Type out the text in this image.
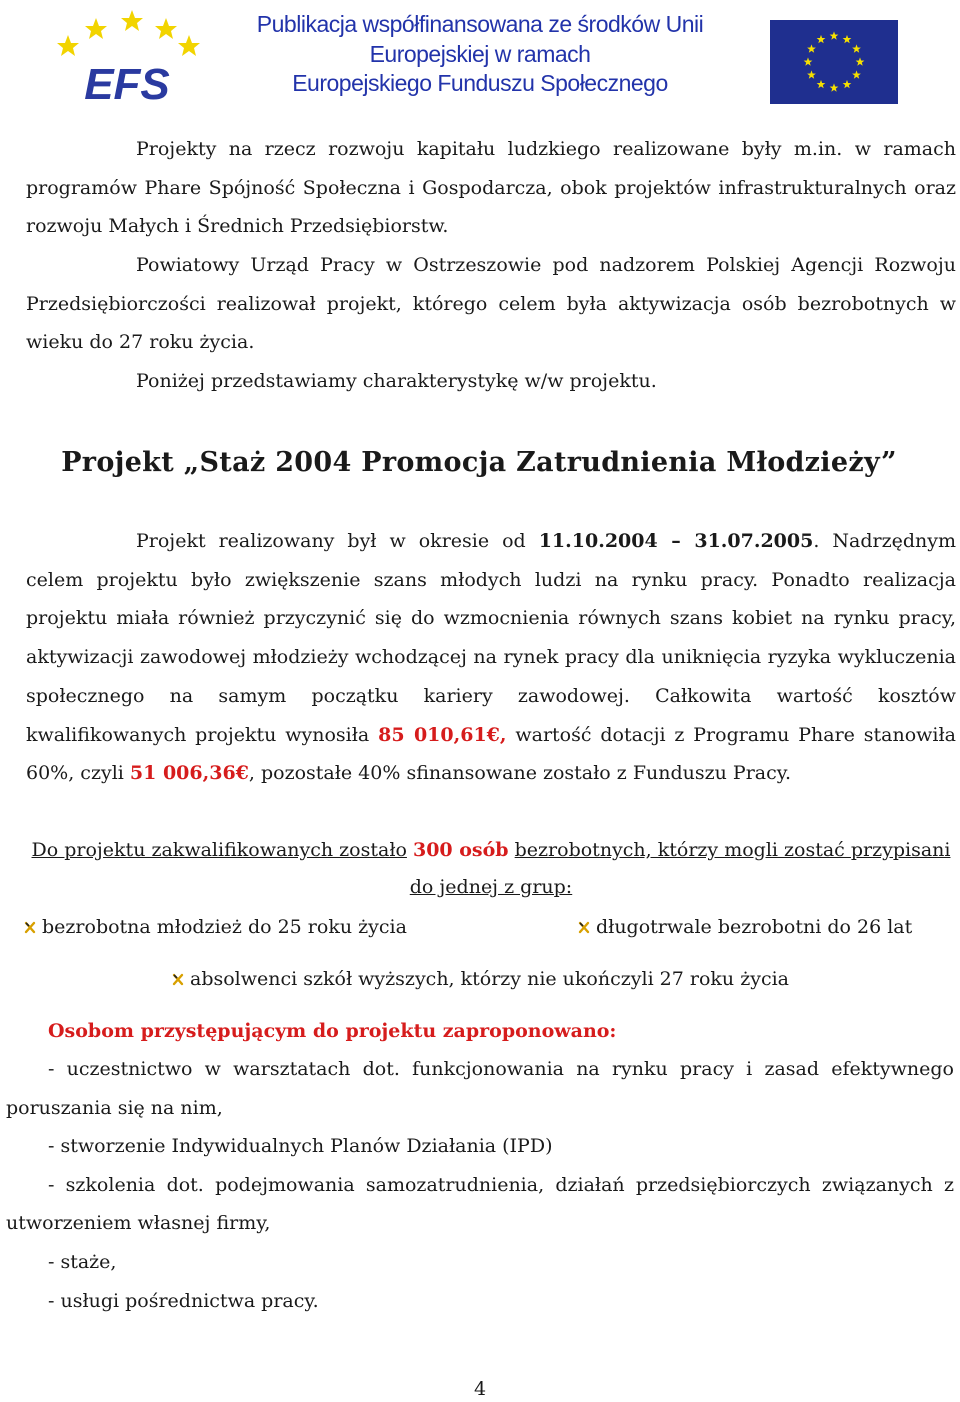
EFS
Publikacja współfinansowana ze środków Unii
Europejskiej w ramach
Europejskiego Funduszu Społecznego

Projekty na rzecz rozwoju kapitału ludzkiego realizowane były m.in. w ramach programów Phare Spójność Społeczna i Gospodarcza, obok projektów infrastrukturalnych oraz rozwoju Małych i Średnich Przedsiębiorstw.

Powiatowy Urząd Pracy w Ostrzeszowie pod nadzorem Polskiej Agencji Rozwoju Przedsiębiorczości realizował projekt, którego celem była aktywizacja osób bezrobotnych w wieku do 27 roku życia.

Poniżej przedstawiamy charakterystykę w/w projektu.

Projekt „Staż 2004 Promocja Zatrudnienia Młodzieży”

Projekt realizowany był w okresie od 11.10.2004 – 31.07.2005. Nadrzędnym celem projektu było zwiększenie szans młodych ludzi na rynku pracy. Ponadto realizacja projektu miała również przyczynić się do wzmocnienia równych szans kobiet na rynku pracy, aktywizacji zawodowej młodzieży wchodzącej na rynek pracy dla uniknięcia ryzyka wykluczenia społecznego na samym początku kariery zawodowej. Całkowita wartość kosztów kwalifikowanych projektu wynosiła 85 010,61€, wartość dotacji z Programu Phare stanowiła 60%, czyli 51 006,36€, pozostałe 40% sfinansowane zostało z Funduszu Pracy.

Do projektu zakwalifikowanych zostało 300 osób bezrobotnych, którzy mogli zostać przypisani do jednej z grup:

bezrobotna młodzież do 25 roku życia	długotrwale bezrobotni do 26 lat
absolwenci szkół wyższych, którzy nie ukończyli 27 roku życia

Osobom przystępującym do projektu zaproponowano:

- uczestnictwo w warsztatach dot. funkcjonowania na rynku pracy i zasad efektywnego poruszania się na nim,
- stworzenie Indywidualnych Planów Działania (IPD)
- szkolenia dot. podejmowania samozatrudnienia, działań przedsiębiorczych związanych z utworzeniem własnej firmy,
- staże,
- usługi pośrednictwa pracy.
4
